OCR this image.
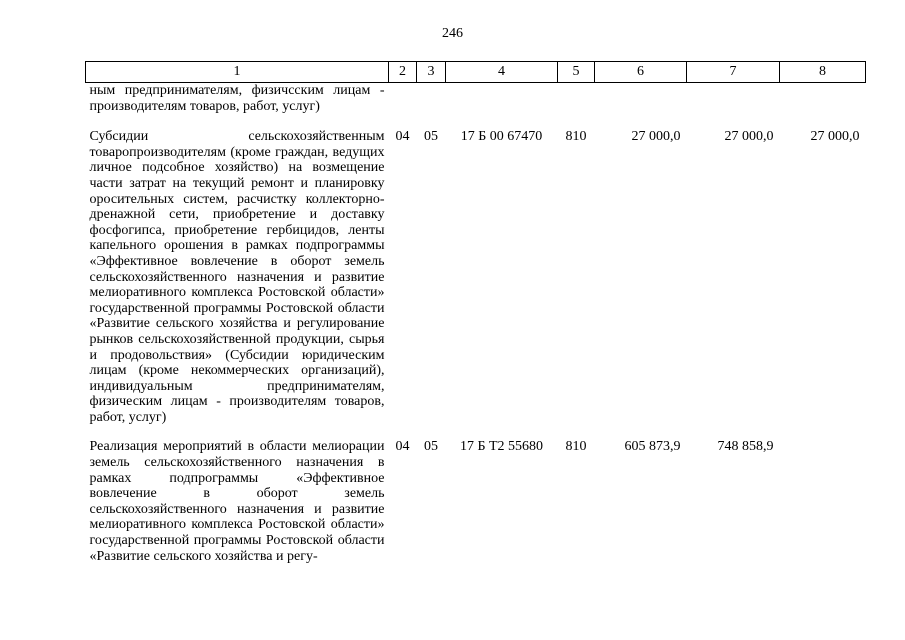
246
1	2	3	4	5	6	7	8
ным предпринимателям, физичсским лицам - производителям товаров, работ, услуг)							
Субсидии сельскохозяйственным товаропроизводителям (кроме граждан, ведущих личное подсобное хозяйство) на возмещение части затрат на текущий ремонт и планировку оросительных систем, расчистку коллекторно-дренажной сети, приобретение и доставку фосфогипса, приобретение гербицидов, ленты капельного орошения в рамках подпрограммы «Эффективное вовлечение в оборот земель сельскохозяйственного назначения и развитие мелиоративного комплекса Ростовской области» государственной программы Ростовской области «Развитие сельского хозяйства и регулирование рынков сельскохозяйственной продукции, сырья и продовольствия» (Субсидии юридическим лицам (кроме некоммерческих организаций), индивидуальным предпринимателям, физическим лицам - производителям товаров, работ, услуг)	04	05	17 Б 00 67470	810	27 000,0	27 000,0	27 000,0
Реализация мероприятий в области мелиорации земель сельскохозяйственного назначения в рамках подпрограммы «Эффективное вовлечение в оборот земель сельскохозяйственного назначения и развитие мелиоративного комплекса Ростовской области» государственной программы Ростовской области «Развитие сельского хозяйства и регу-	04	05	17 Б Т2 55680	810	605 873,9	748 858,9	
